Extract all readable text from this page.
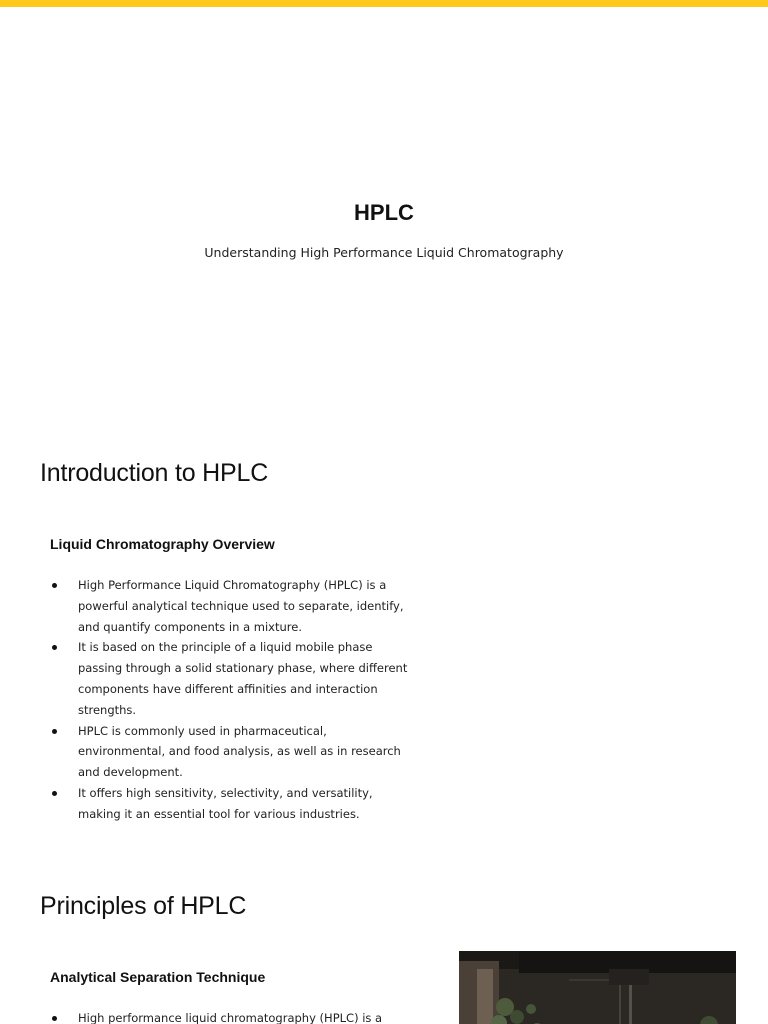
HPLC

Understanding High Performance Liquid Chromatography

Introduction to HPLC
Liquid Chromatography Overview
High Performance Liquid Chromatography (HPLC) is a powerful analytical technique used to separate, identify, and quantify components in a mixture.
It is based on the principle of a liquid mobile phase passing through a solid stationary phase, where different components have different affinities and interaction strengths.
HPLC is commonly used in pharmaceutical, environmental, and food analysis, as well as in research and development.
It offers high sensitivity, selectivity, and versatility, making it an essential tool for various industries.
Principles of HPLC
Analytical Separation Technique
High performance liquid chromatography (HPLC) is a
